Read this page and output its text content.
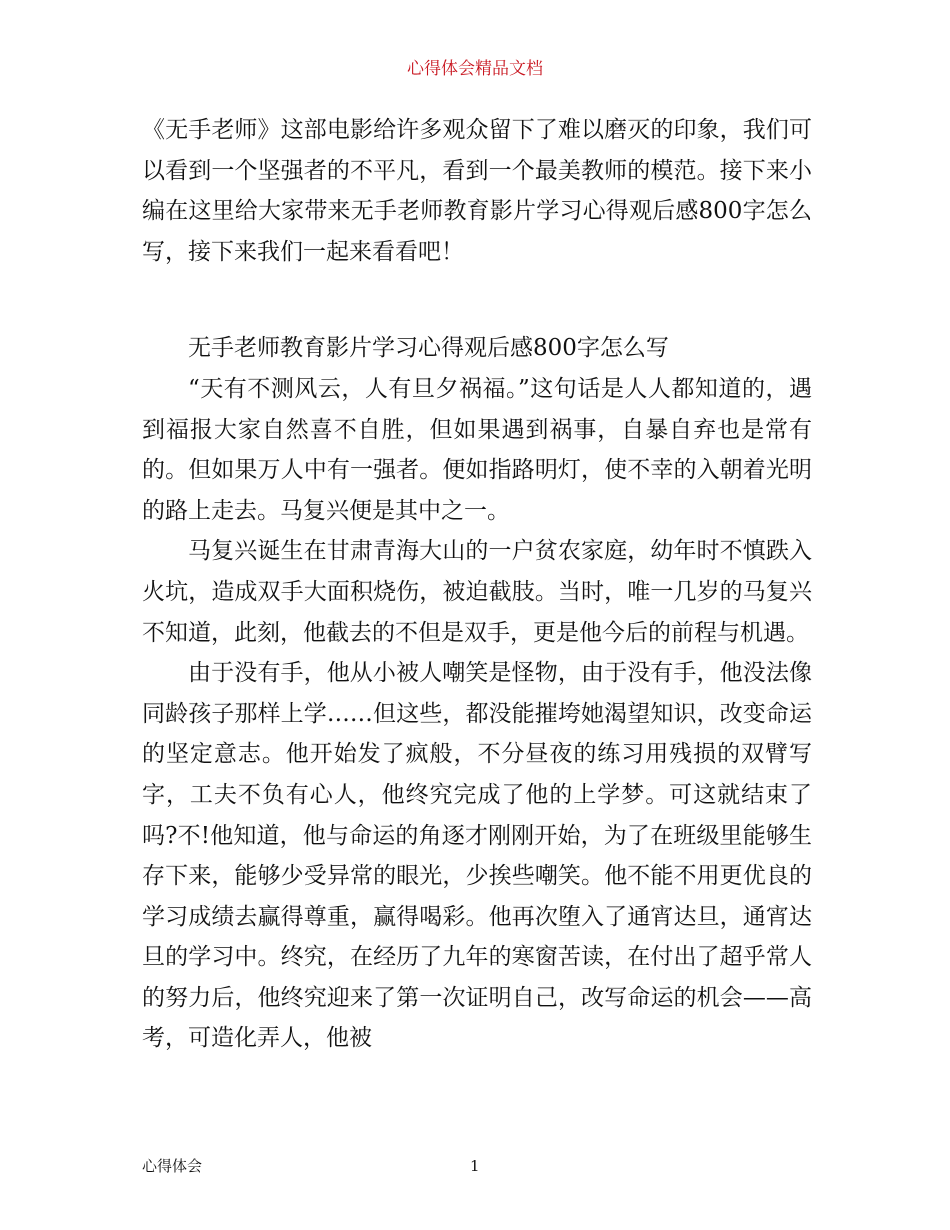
心得体会精品文档

《无手老师》这部电影给许多观众留下了难以磨灭的印象，我们可以看到一个坚强者的不平凡，看到一个最美教师的模范。接下来小编在这里给大家带来无手老师教育影片学习心得观后感800字怎么写，接下来我们一起来看看吧！

无手老师教育影片学习心得观后感800字怎么写

“天有不测风云，人有旦夕祸福。”这句话是人人都知道的，遇到福报大家自然喜不自胜，但如果遇到祸事，自暴自弃也是常有的。但如果万人中有一强者。便如指路明灯，使不幸的入朝着光明的路上走去。马复兴便是其中之一。

马复兴诞生在甘肃青海大山的一户贫农家庭，幼年时不慎跌入火坑，造成双手大面积烧伤，被迫截肢。当时，唯一几岁的马复兴不知道，此刻，他截去的不但是双手，更是他今后的前程与机遇。

由于没有手，他从小被人嘲笑是怪物，由于没有手，他没法像同龄孩子那样上学……但这些，都没能摧垮她渴望知识，改变命运的坚定意志。他开始发了疯般，不分昼夜的练习用残损的双臂写字，工夫不负有心人，他终究完成了他的上学梦。可这就结束了吗?不!他知道，他与命运的角逐才刚刚开始，为了在班级里能够生存下来，能够少受异常的眼光，少挨些嘲笑。他不能不用更优良的学习成绩去赢得尊重，赢得喝彩。他再次堕入了通宵达旦，通宵达旦的学习中。终究，在经历了九年的寒窗苦读，在付出了超乎常人的努力后，他终究迎来了第一次证明自己，改写命运的机会——高考，可造化弄人，他被

心得体会	1
